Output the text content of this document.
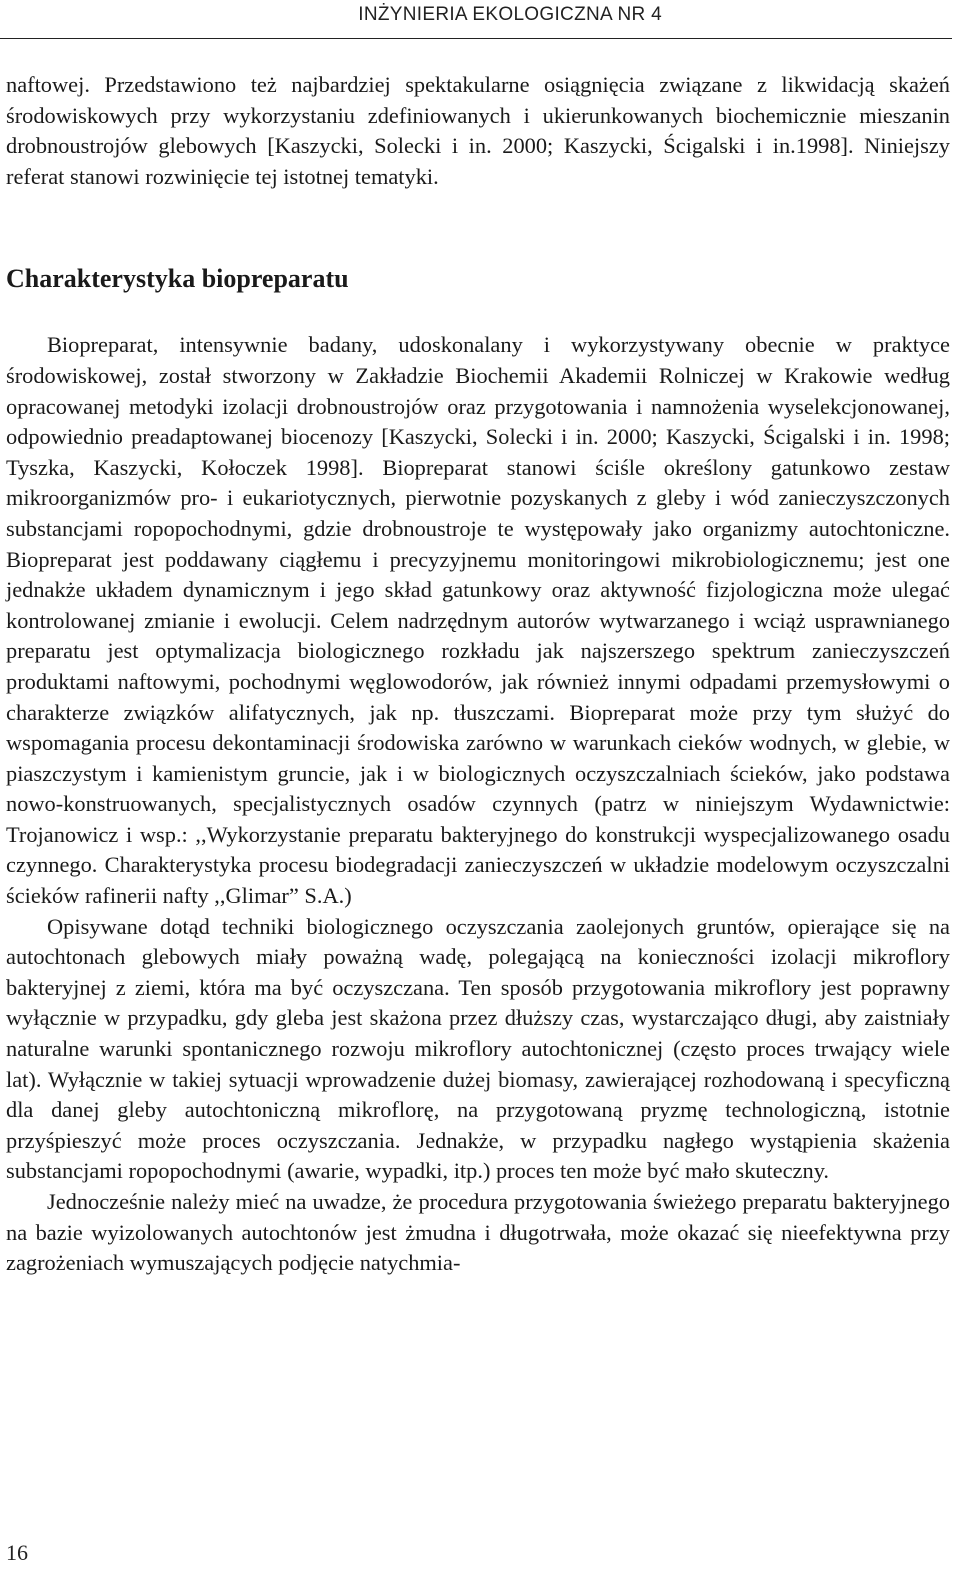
INŻYNIERIA EKOLOGICZNA NR 4

naftowej. Przedstawiono też najbardziej spektakularne osiągnięcia związane z likwidacją skażeń środowiskowych przy wykorzystaniu zdefiniowanych i ukierunkowanych biochemicznie mieszanin drobnoustrojów glebowych [Kaszycki, Solecki i in. 2000; Kaszycki, Ścigalski i in.1998]. Niniejszy referat stanowi rozwinięcie tej istotnej tematyki.

Charakterystyka biopreparatu

Biopreparat, intensywnie badany, udoskonalany i wykorzystywany obecnie w praktyce środowiskowej, został stworzony w Zakładzie Biochemii Akademii Rolniczej w Krakowie według opracowanej metodyki izolacji drobnoustrojów oraz przygotowania i namnożenia wyselekcjonowanej, odpowiednio preadaptowanej biocenozy [Kaszycki, Solecki i in. 2000; Kaszycki, Ścigalski i in. 1998; Tyszka, Kaszycki, Kołoczek 1998]. Biopreparat stanowi ściśle określony gatunkowo zestaw mikroorganizmów pro- i eukariotycznych, pierwotnie pozyskanych z gleby i wód zanieczyszczonych substancjami ropopochodnymi, gdzie drobnoustroje te występowały jako organizmy autochtoniczne. Biopreparat jest poddawany ciągłemu i precyzyjnemu monitoringowi mikrobiologicznemu; jest one jednakże układem dynamicznym i jego skład gatunkowy oraz aktywność fizjologiczna może ulegać kontrolowanej zmianie i ewolucji. Celem nadrzędnym autorów wytwarzanego i wciąż usprawnianego preparatu jest optymalizacja biologicznego rozkładu jak najszerszego spektrum zanieczyszczeń produktami naftowymi, pochodnymi węglowodorów, jak również innymi odpadami przemysłowymi o charakterze związków alifatycznych, jak np. tłuszczami. Biopreparat może przy tym służyć do wspomagania procesu dekontaminacji środowiska zarówno w warunkach cieków wodnych, w glebie, w piaszczystym i kamienistym gruncie, jak i w biologicznych oczyszczalniach ścieków, jako podstawa nowo-konstruowanych, specjalistycznych osadów czynnych (patrz w niniejszym Wydawnictwie: Trojanowicz i wsp.: ,,Wykorzystanie preparatu bakteryjnego do konstrukcji wyspecjalizowanego osadu czynnego. Charakterystyka procesu biodegradacji zanieczyszczeń w układzie modelowym oczyszczalni ścieków rafinerii nafty ,,Glimar” S.A.)

Opisywane dotąd techniki biologicznego oczyszczania zaolejonych gruntów, opierające się na autochtonach glebowych miały poważną wadę, polegającą na konieczności izolacji mikroflory bakteryjnej z ziemi, która ma być oczyszczana. Ten sposób przygotowania mikroflory jest poprawny wyłącznie w przypadku, gdy gleba jest skażona przez dłuższy czas, wystarczająco długi, aby zaistniały naturalne warunki spontanicznego rozwoju mikroflory autochtonicznej (często proces trwający wiele lat). Wyłącznie w takiej sytuacji wprowadzenie dużej biomasy, zawierającej rozhodowaną i specyficzną dla danej gleby autochtoniczną mikroflorę, na przygotowaną pryzmę technologiczną, istotnie przyśpieszyć może proces oczyszczania. Jednakże, w przypadku nagłego wystąpienia skażenia substancjami ropopochodnymi (awarie, wypadki, itp.) proces ten może być mało skuteczny.

Jednocześnie należy mieć na uwadze, że procedura przygotowania świeżego preparatu bakteryjnego na bazie wyizolowanych autochtonów jest żmudna i długotrwała, może okazać się nieefektywna przy zagrożeniach wymuszających podjęcie natychmia-

16
